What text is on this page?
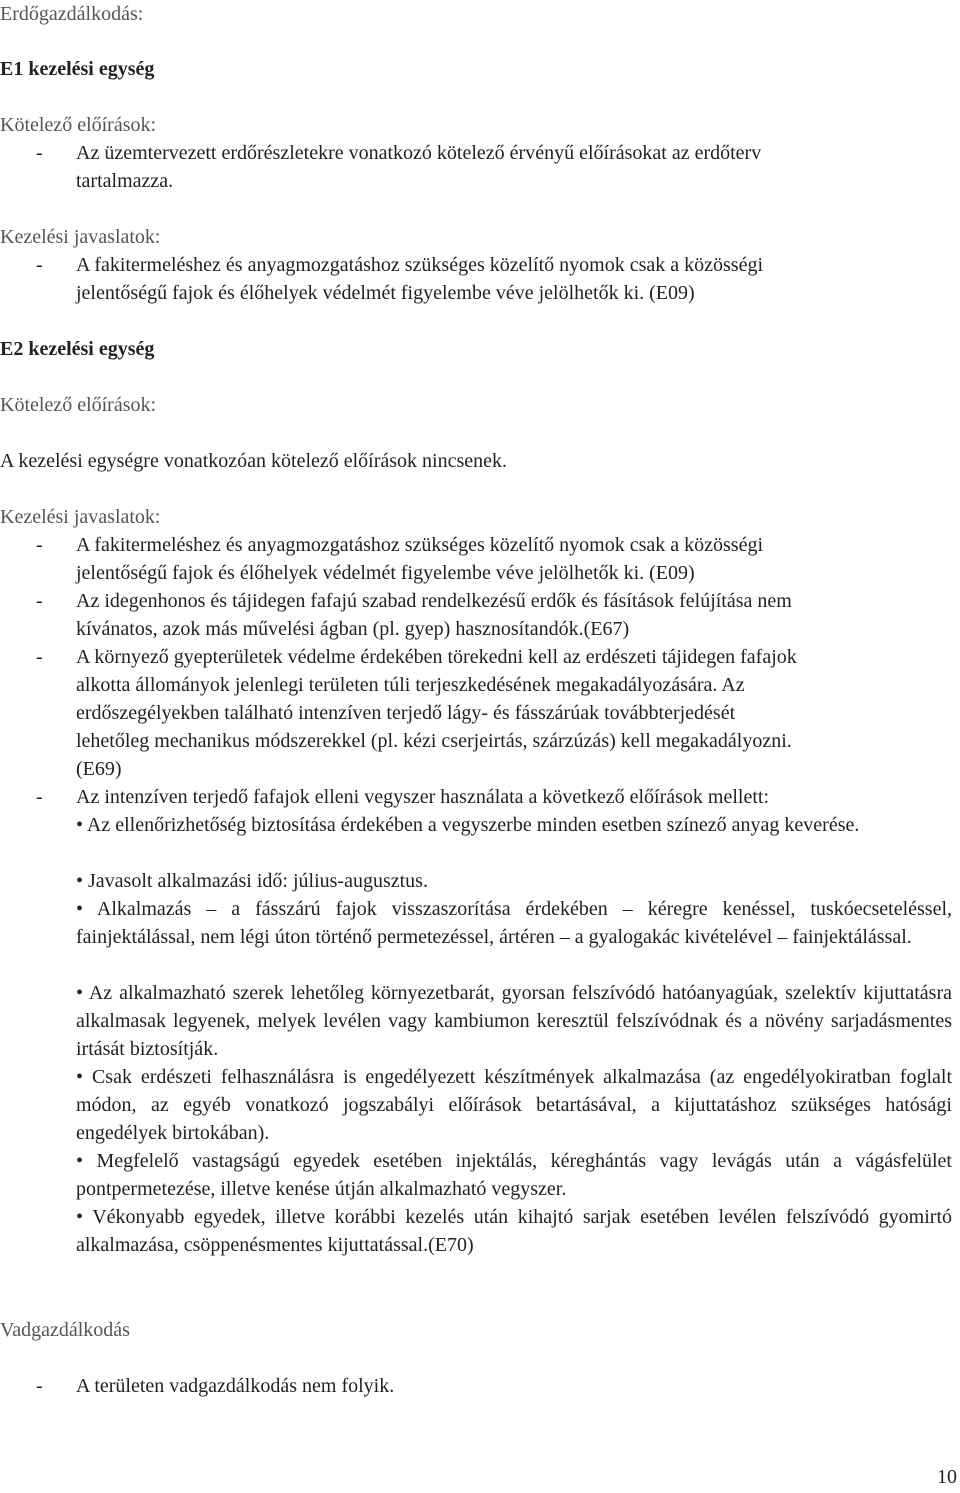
Erdőgazdálkodás:
E1 kezelési egység
Kötelező előírások:
- Az üzemtervezett erdőrészletekre vonatkozó kötelező érvényű előírásokat az erdőterv
tartalmazza.
Kezelési javaslatok:
- A fakitermeléshez és anyagmozgatáshoz szükséges közelítő nyomok csak a közösségi
jelentőségű fajok és élőhelyek védelmét figyelembe véve jelölhetők ki. (E09)
E2 kezelési egység
Kötelező előírások:
A kezelési egységre vonatkozóan kötelező előírások nincsenek.
Kezelési javaslatok:
- A fakitermeléshez és anyagmozgatáshoz szükséges közelítő nyomok csak a közösségi
jelentőségű fajok és élőhelyek védelmét figyelembe véve jelölhetők ki. (E09)
- Az idegenhonos és tájidegen fafajú szabad rendelkezésű erdők és fásítások felújítása nem
kívánatos, azok más művelési ágban (pl. gyep) hasznosítandók.(E67)
- A környező gyepterületek védelme érdekében törekedni kell az erdészeti tájidegen fafajok
alkotta állományok jelenlegi területen túli terjeszkedésének megakadályozására. Az
erdőszegélyekben található intenzíven terjedő lágy- és fásszárúak továbbterjedését
lehetőleg mechanikus módszerekkel (pl. kézi cserjeirtás, szárzúzás) kell megakadályozni.
(E69)
- Az intenzíven terjedő fafajok elleni vegyszer használata a következő előírások mellett:

• Az ellenőrizhetőség biztosítása érdekében a vegyszerbe minden esetben színező anyag keverése.

• Javasolt alkalmazási idő: július-augusztus.

• Alkalmazás – a fásszárú fajok visszaszorítása érdekében – kéregre kenéssel, tuskóecseteléssel, fainjektálással, nem légi úton történő permetezéssel, ártéren – a gyalogakác kivételével – fainjektálással.

• Az alkalmazható szerek lehetőleg környezetbarát, gyorsan felszívódó hatóanyagúak, szelektív kijuttatásra alkalmasak legyenek, melyek levélen vagy kambiumon keresztül felszívódnak és a növény sarjadásmentes irtását biztosítják.

• Csak erdészeti felhasználásra is engedélyezett készítmények alkalmazása (az engedélyokiratban foglalt módon, az egyéb vonatkozó jogszabályi előírások betartásával, a kijuttatáshoz szükséges hatósági engedélyek birtokában).

• Megfelelő vastagságú egyedek esetében injektálás, kéreghántás vagy levágás után a vágásfelület pontpermetezése, illetve kenése útján alkalmazható vegyszer.

• Vékonyabb egyedek, illetve korábbi kezelés után kihajtó sarjak esetében levélen felszívódó gyomirtó alkalmazása, csöppenésmentes kijuttatással.(E70)

Vadgazdálkodás
- A területen vadgazdálkodás nem folyik.
10
